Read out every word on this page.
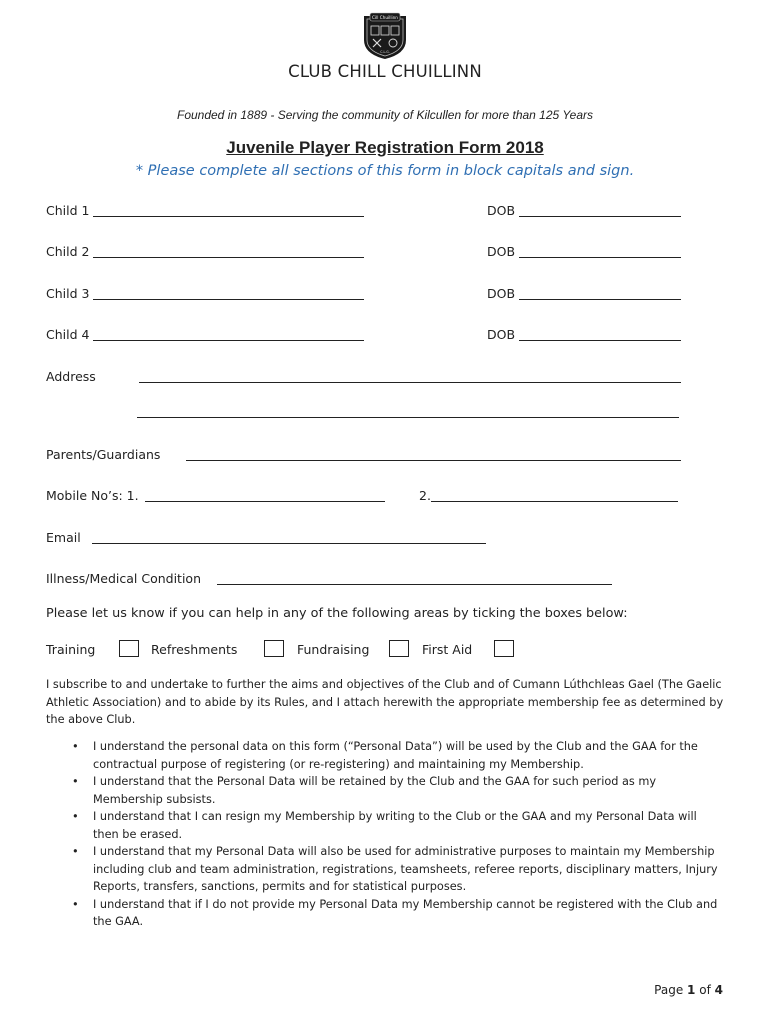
Cill Chuillinn
C.L.G.
CLUB CHILL CHUILLINN
Founded in 1889 - Serving the community of Kilcullen for more than 125 Years
Juvenile Player Registration Form 2018
* Please complete all sections of this form in block capitals and sign.
Child 1	DOB
Child 2	DOB
Child 3	DOB
Child 4	DOB
Address
Parents/Guardians
Mobile No’s: 1.	2.
Email
Illness/Medical Condition
Please let us know if you can help in any of the following areas by ticking the boxes below:
Training	Refreshments	Fundraising	First Aid
I subscribe to and undertake to further the aims and objectives of the Club and of Cumann Lúthchleas Gael (The Gaelic Athletic Association) and to abide by its Rules, and I attach herewith the appropriate membership fee as determined by the above Club.
• I understand the personal data on this form (“Personal Data”) will be used by the Club and the GAA for the contractual purpose of registering (or re-registering) and maintaining my Membership.
• I understand that the Personal Data will be retained by the Club and the GAA for such period as my Membership subsists.
• I understand that I can resign my Membership by writing to the Club or the GAA and my Personal Data will then be erased.
• I understand that my Personal Data will also be used for administrative purposes to maintain my Membership including club and team administration, registrations, teamsheets, referee reports, disciplinary matters, Injury Reports, transfers, sanctions, permits and for statistical purposes.
• I understand that if I do not provide my Personal Data my Membership cannot be registered with the Club and the GAA.
Page 1 of 4
